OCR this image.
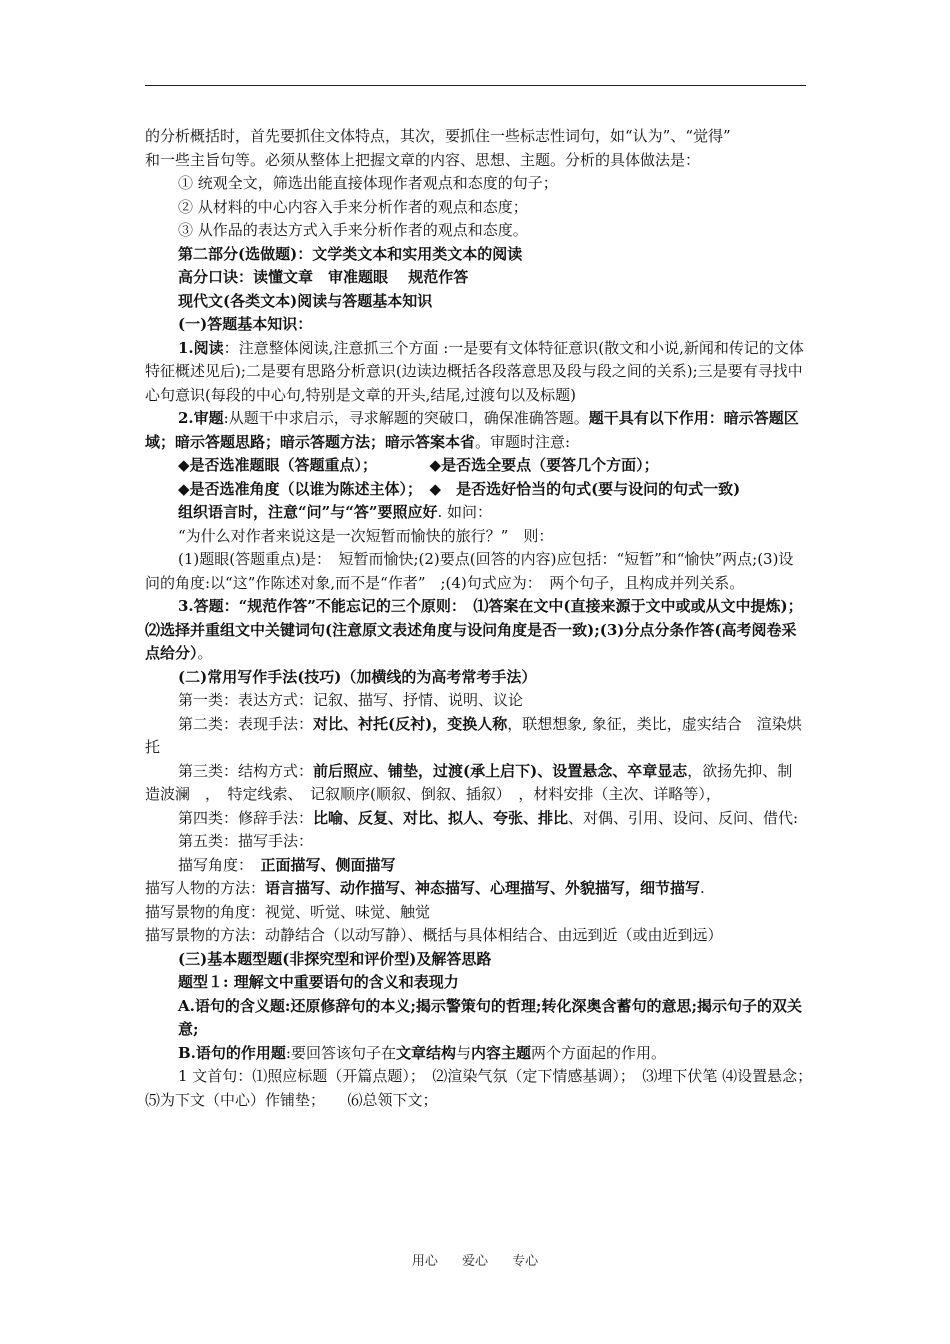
的分析概括时，首先要抓住文体特点，其次，要抓住一些标志性词句，如“认为”、“觉得”

和一些主旨句等。必须从整体上把握文章的内容、思想、主题。分析的具体做法是：

① 统观全文，筛选出能直接体现作者观点和态度的句子；

② 从材料的中心内容入手来分析作者的观点和态度；

③ 从作品的表达方式入手来分析作者的观点和态度。

第二部分(选做题)：文学类文本和实用类文本的阅读

高分口诀：读懂文章　审准题眼　 规范作答

现代文(各类文本)阅读与答题基本知识

(一)答题基本知识：

1.阅读：注意整体阅读,注意抓三个方面 :一是要有文体特征意识(散文和小说,新闻和传记的文体特征概述见后);二是要有思路分析意识(边读边概括各段落意思及段与段之间的关系);三是要有寻找中心句意识(每段的中心句,特别是文章的开头,结尾,过渡句以及标题)

2.审题:从题干中求启示，寻求解题的突破口，确保准确答题。题干具有以下作用：暗示答题区域；暗示答题思路；暗示答题方法；暗示答案本省。审题时注意:

◆是否选准题眼（答题重点）；　　　　◆是否选全要点（要答几个方面）；

◆是否选准角度（以谁为陈述主体）；　◆　是否选好恰当的句式(要与设问的句式一致)

组织语言时，注意“问”与“答”要照应好. 如问：

“为什么对作者来说这是一次短暂而愉快的旅行？”　则：

(1)题眼(答题重点)是：　短暂而愉快;(2)要点(回答的内容)应包括：“短暂”和“愉快”两点;(3)设问的角度:以“这”作陈述对象,而不是“作者”　;(4)句式应为：　两个句子，且构成并列关系。

3.答题：“规范作答”不能忘记的三个原则：　⑴答案在文中(直接来源于文中或或从文中提炼)；　⑵选择并重组文中关键词句(注意原文表述角度与设问角度是否一致);(3)分点分条作答(高考阅卷采点给分）。

(二)常用写作手法(技巧)（加横线的为高考常考手法）

第一类：表达方式：记叙、描写、抒情、说明、议论

第二类：表现手法：对比、衬托(反衬)，变换人称，联想想象, 象征，类比，虚实结合　渲染烘托

第三类：结构方式：前后照应、铺垫，过渡(承上启下)、设置悬念、卒章显志，欲扬先抑、制造波澜　，　特定线索、　记叙顺序(顺叙、倒叙、插叙）　，材料安排（主次、详略等），

第四类：修辞手法：比喻、反复、对比、拟人、夸张、排比、对偶、引用、设问、反问、借代:

第五类：描写手法：

描写角度：　正面描写、侧面描写

描写人物的方法：语言描写、动作描写、神态描写、心理描写、外貌描写，细节描写.

描写景物的角度：视觉、听觉、味觉、触觉

描写景物的方法：动静结合（以动写静）、概括与具体相结合、由远到近（或由近到远）

(三)基本题型题(非探究型和评价型)及解答思路

题型１: 理解文中重要语句的含义和表现力

A.语句的含义题:还原修辞句的本义;揭示警策句的哲理;转化深奥含蓄句的意思;揭示句子的双关意;

B.语句的作用题:要回答该句子在文章结构与内容主题两个方面起的作用。

1 文首句：⑴照应标题（开篇点题）；　⑵渲染气氛（定下情感基调）；　⑶埋下伏笔 ⑷设置悬念；　　⑸为下文（中心）作铺垫；　　⑹总领下文；

用心 爱心 专心
